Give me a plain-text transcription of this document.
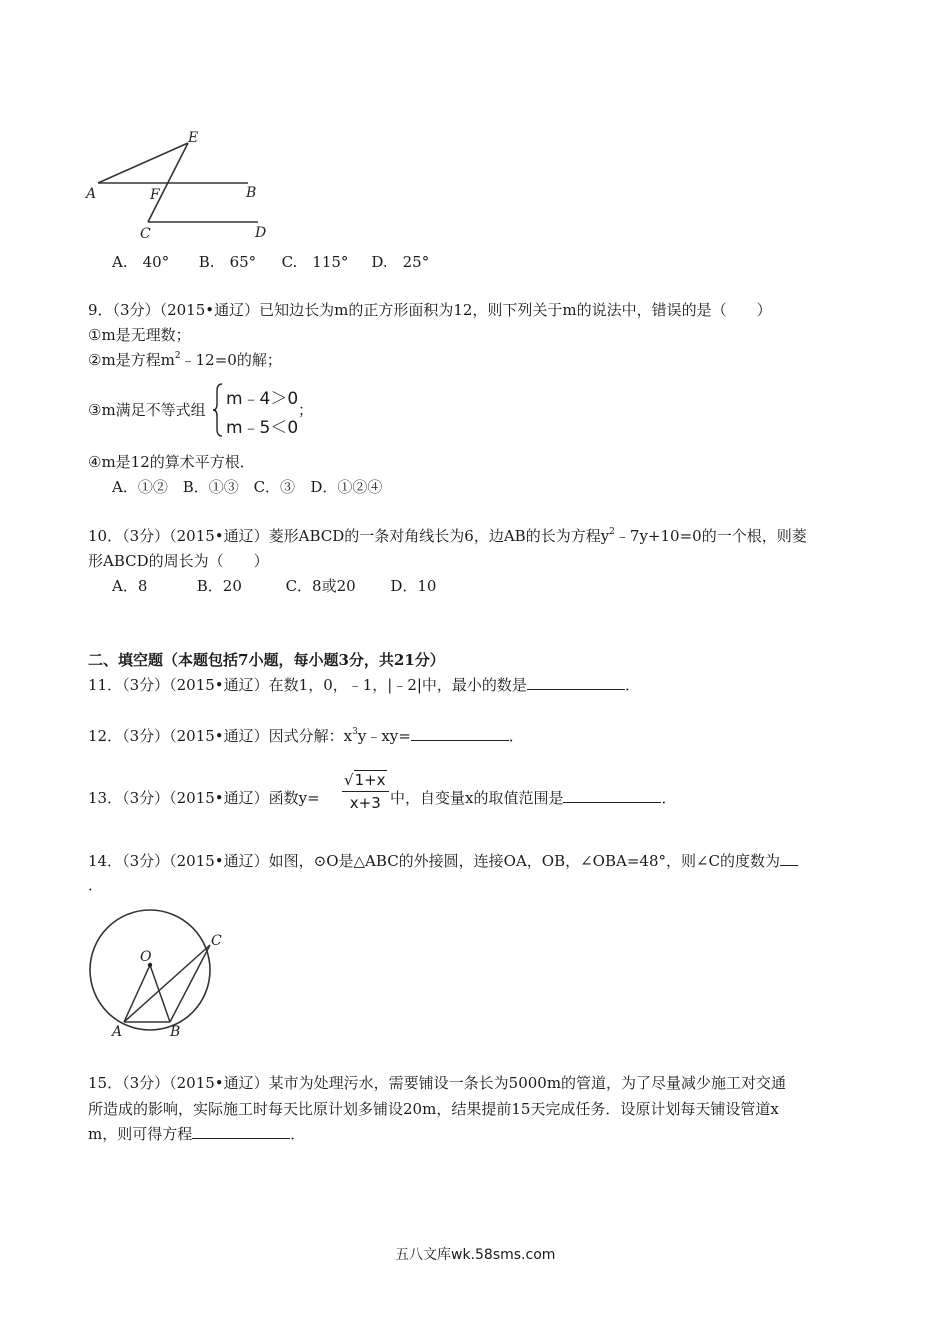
E
A	F	B
C	D
A.　40° B.　65° C.　115° D.　25°
9．（3分）（2015•通辽）已知边长为m的正方形面积为12，则下列关于m的说法中，错误的是（　　）
①m是无理数；
②m是方程$m^2﹣12=0$的解；
③m满足不等式组
m﹣4＞0
m﹣5＜0
；
④m是12的算术平方根．
A．①② B．①③ C．③ D．①②④
10．（3分）（2015•通辽）菱形ABCD的一条对角线长为6，边AB的长为方程$y^2﹣7y+10=0$的一个根，则菱
形ABCD的周长为（　　）
A．8	B．20	C．8或20 D．10
二、填空题（本题包括7小题，每小题3分，共21分）
11．（3分）（2015•通辽）在数1，0，﹣1，|﹣2|中，最小的数是	．
12．（3分）（2015•通辽）因式分解：$x^3y﹣xy=$	．
13．（3分）（2015•通辽）函数$y= \frac{√1+x}{x+3}$ 中，自变量x的取值范围是	．
14．（3分）（2015•通辽）如图，⊙O是△ABC的外接圆，连接OA，OB，∠OBA=48°，则∠C的度数为
．
O
C
A	B
15．（3分）（2015•通辽）某市为处理污水，需要铺设一条长为5000m的管道，为了尽量减少施工对交通
所造成的影响，实际施工时每天比原计划多铺设20m，结果提前15天完成任务．设原计划每天铺设管道x
m，则可得方程	．
五八文库wk.58sms.com
